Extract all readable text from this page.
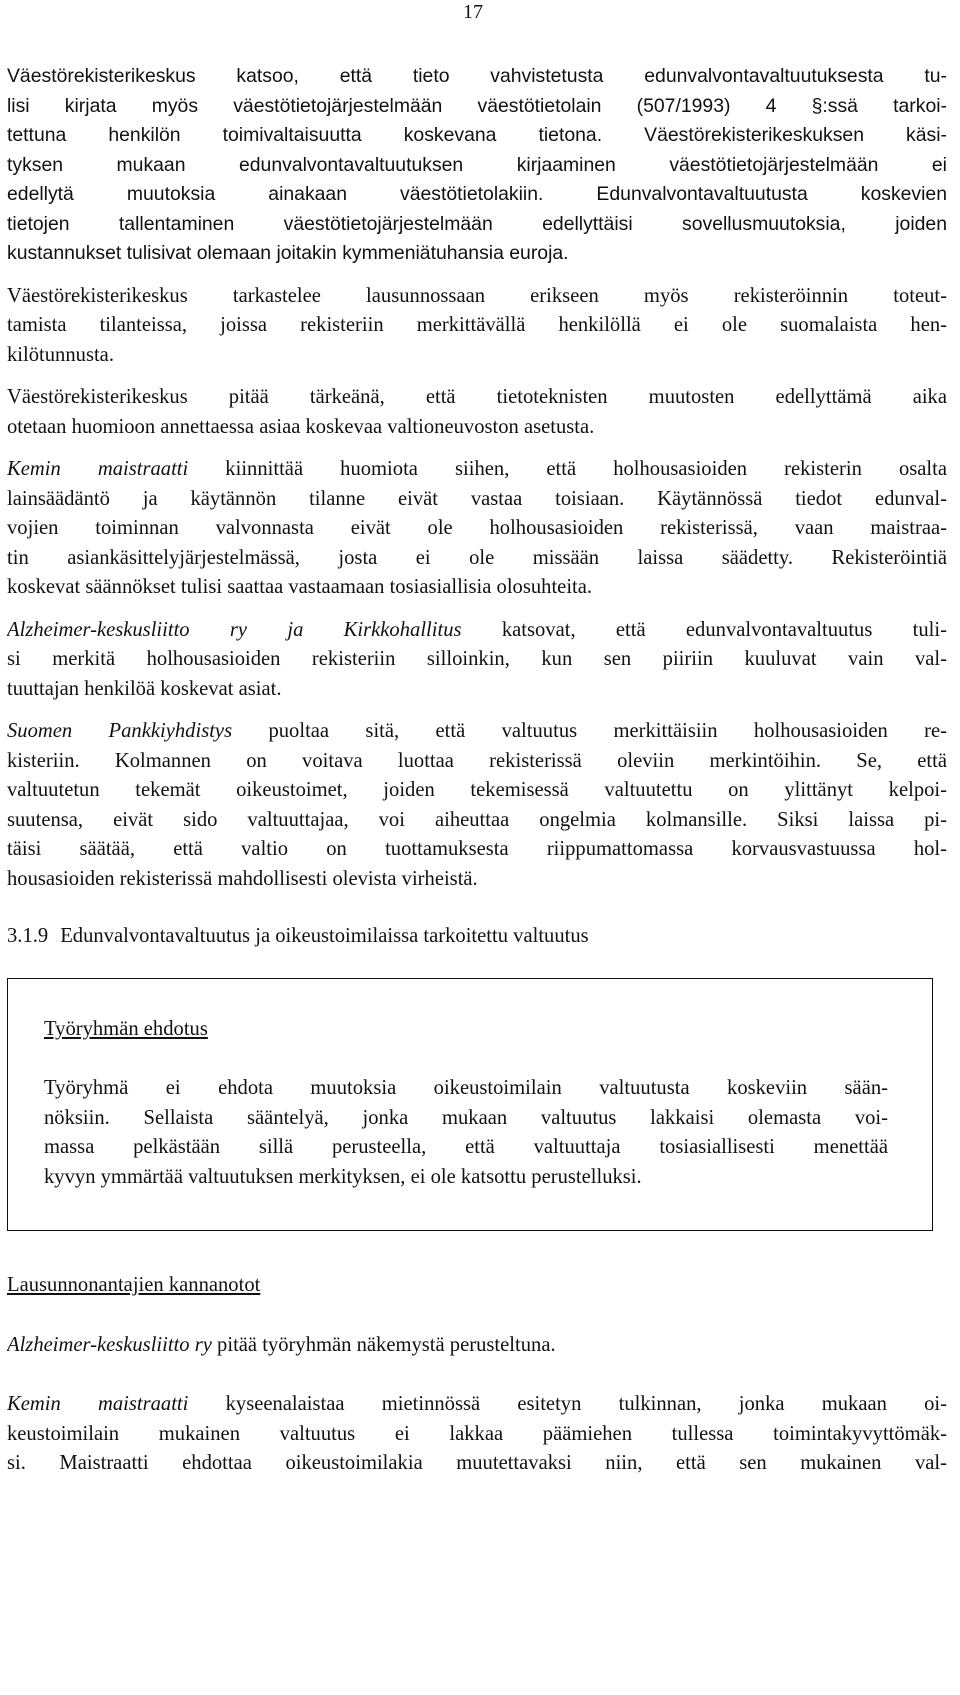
17

Väestörekisterikeskus katsoo, että tieto vahvistetusta edunvalvontavaltuutuksesta tu-
lisi kirjata myös väestötietojärjestelmään väestötietolain (507/1993) 4 §:ssä tarkoi-
tettuna henkilön toimivaltaisuutta koskevana tietona. Väestörekisterikeskuksen käsi-
tyksen mukaan edunvalvontavaltuutuksen kirjaaminen väestötietojärjestelmään ei
edellytä muutoksia ainakaan väestötietolakiin. Edunvalvontavaltuutusta koskevien
tietojen tallentaminen väestötietojärjestelmään edellyttäisi sovellusmuutoksia, joiden
kustannukset tulisivat olemaan joitakin kymmeniätuhansia euroja.

Väestörekisterikeskus tarkastelee lausunnossaan erikseen myös rekisteröinnin toteut-
tamista tilanteissa, joissa rekisteriin merkittävällä henkilöllä ei ole suomalaista hen-
kilötunnusta.

Väestörekisterikeskus pitää tärkeänä, että tietoteknisten muutosten edellyttämä aika
otetaan huomioon annettaessa asiaa koskevaa valtioneuvoston asetusta.

Kemin maistraatti kiinnittää huomiota siihen, että holhousasioiden rekisterin osalta
lainsäädäntö ja käytännön tilanne eivät vastaa toisiaan. Käytännössä tiedot edunval-
vojien toiminnan valvonnasta eivät ole holhousasioiden rekisterissä, vaan maistraa-
tin asiankäsittelyjärjestelmässä, josta ei ole missään laissa säädetty. Rekisteröintiä
koskevat säännökset tulisi saattaa vastaamaan tosiasiallisia olosuhteita.

Alzheimer-keskusliitto ry ja Kirkkohallitus katsovat, että edunvalvontavaltuutus tuli-
si merkitä holhousasioiden rekisteriin silloinkin, kun sen piiriin kuuluvat vain val-
tuuttajan henkilöä koskevat asiat.

Suomen Pankkiyhdistys puoltaa sitä, että valtuutus merkittäisiin holhousasioiden re-
kisteriin. Kolmannen on voitava luottaa rekisterissä oleviin merkintöihin. Se, että
valtuutetun tekemät oikeustoimet, joiden tekemisessä valtuutettu on ylittänyt kelpoi-
suutensa, eivät sido valtuuttajaa, voi aiheuttaa ongelmia kolmansille. Siksi laissa pi-
täisi säätää, että valtio on tuottamuksesta riippumattomassa korvausvastuussa hol-
housasioiden rekisterissä mahdollisesti olevista virheistä.

3.1.9 Edunvalvontavaltuutus ja oikeustoimilaissa tarkoitettu valtuutus
Työryhmän ehdotus

Työryhmä ei ehdota muutoksia oikeustoimilain valtuutusta koskeviin sään-
nöksiin. Sellaista sääntelyä, jonka mukaan valtuutus lakkaisi olemasta voi-
massa pelkästään sillä perusteella, että valtuuttaja tosiasiallisesti menettää
kyvyn ymmärtää valtuutuksen merkityksen, ei ole katsottu perustelluksi.

Lausunnonantajien kannanotot

Alzheimer-keskusliitto ry pitää työryhmän näkemystä perusteltuna.

Kemin maistraatti kyseenalaistaa mietinnössä esitetyn tulkinnan, jonka mukaan oi-
keustoimilain mukainen valtuutus ei lakkaa päämiehen tullessa toimintakyvyttömäk-
si. Maistraatti ehdottaa oikeustoimilakia muutettavaksi niin, että sen mukainen val-
